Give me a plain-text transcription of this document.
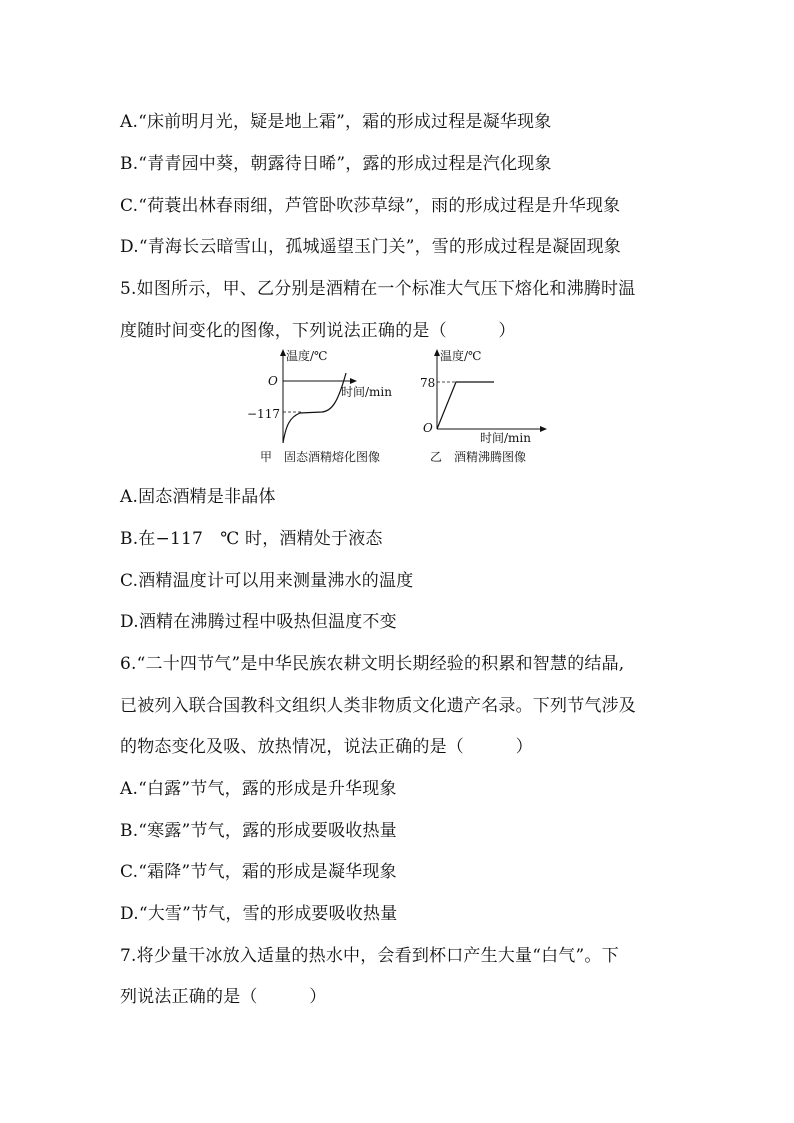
A.“床前明月光，疑是地上霜”，霜的形成过程是凝华现象
B.“青青园中葵，朝露待日晞”，露的形成过程是汽化现象
C.“荷蓑出林春雨细，芦管卧吹莎草绿”，雨的形成过程是升华现象
D.“青海长云暗雪山，孤城遥望玉门关”，雪的形成过程是凝固现象
5.如图所示，甲、乙分别是酒精在一个标准大气压下熔化和沸腾时温
度随时间变化的图像，下列说法正确的是（　　　）
温度/℃
时间/min
O
−117
甲　固态酒精熔化图像
温度/℃
时间/min
O
78
乙　酒精沸腾图像
A.固态酒精是非晶体
B.在−117　℃ 时，酒精处于液态
C.酒精温度计可以用来测量沸水的温度
D.酒精在沸腾过程中吸热但温度不变
6.“二十四节气”是中华民族农耕文明长期经验的积累和智慧的结晶,
已被列入联合国教科文组织人类非物质文化遗产名录。下列节气涉及
的物态变化及吸、放热情况，说法正确的是（　　　）
A.“白露”节气，露的形成是升华现象
B.“寒露”节气，露的形成要吸收热量
C.“霜降”节气，霜的形成是凝华现象
D.“大雪”节气，雪的形成要吸收热量
7.将少量干冰放入适量的热水中，会看到杯口产生大量“白气”。下
列说法正确的是（　　　）
